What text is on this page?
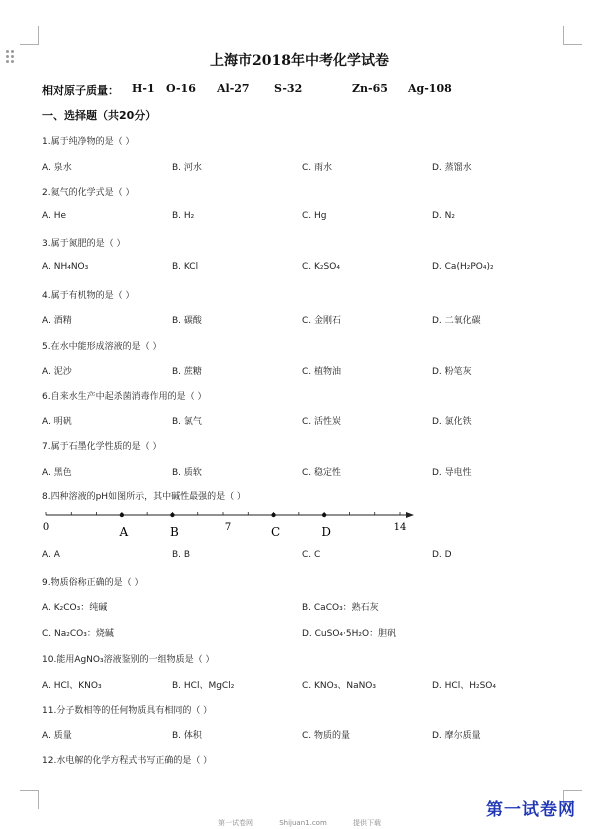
上海市2018年中考化学试卷
相对原子质量： H-1 O-16 Al-27 S-32	Zn-65 Ag-108
一、选择题（共20分）
1.属于纯净物的是（ ）
A. 泉水	B. 河水	C. 雨水	D. 蒸馏水
2.氦气的化学式是（ ）
A. He	B. H₂	C. Hg	D. N₂
3.属于氮肥的是（ ）
A. NH₄NO₃	B. KCl	C. K₂SO₄	D. Ca(H₂PO₄)₂
4.属于有机物的是（ ）
A. 酒精	B. 碳酸	C. 金刚石	D. 二氧化碳
5.在水中能形成溶液的是（ ）
A. 泥沙	B. 蔗糖	C. 植物油	D. 粉笔灰
6.自来水生产中起杀菌消毒作用的是（ ）
A. 明矾	B. 氯气	C. 活性炭	D. 氯化铁
7.属于石墨化学性质的是（ ）
A. 黑色	B. 质软	C. 稳定性	D. 导电性
8.四种溶液的pH如图所示，其中碱性最强的是（ ）
A	B	C	D
0	7	14
A. A	B. B	C. C	D. D
9.物质俗称正确的是（ ）
A. K₂CO₃：纯碱	B. CaCO₃：熟石灰
C. Na₂CO₃：烧碱	D. CuSO₄·5H₂O：胆矾
10.能用AgNO₃溶液鉴别的一组物质是（ ）
A. HCl、KNO₃	B. HCl、MgCl₂	C. KNO₃、NaNO₃	D. HCl、H₂SO₄
11.分子数相等的任何物质具有相同的（ ）
A. 质量	B. 体积	C. 物质的量	D. 摩尔质量
12.水电解的化学方程式书写正确的是（ ）
第一试卷网	Shijuan1.com	提供下载
第一试卷网
